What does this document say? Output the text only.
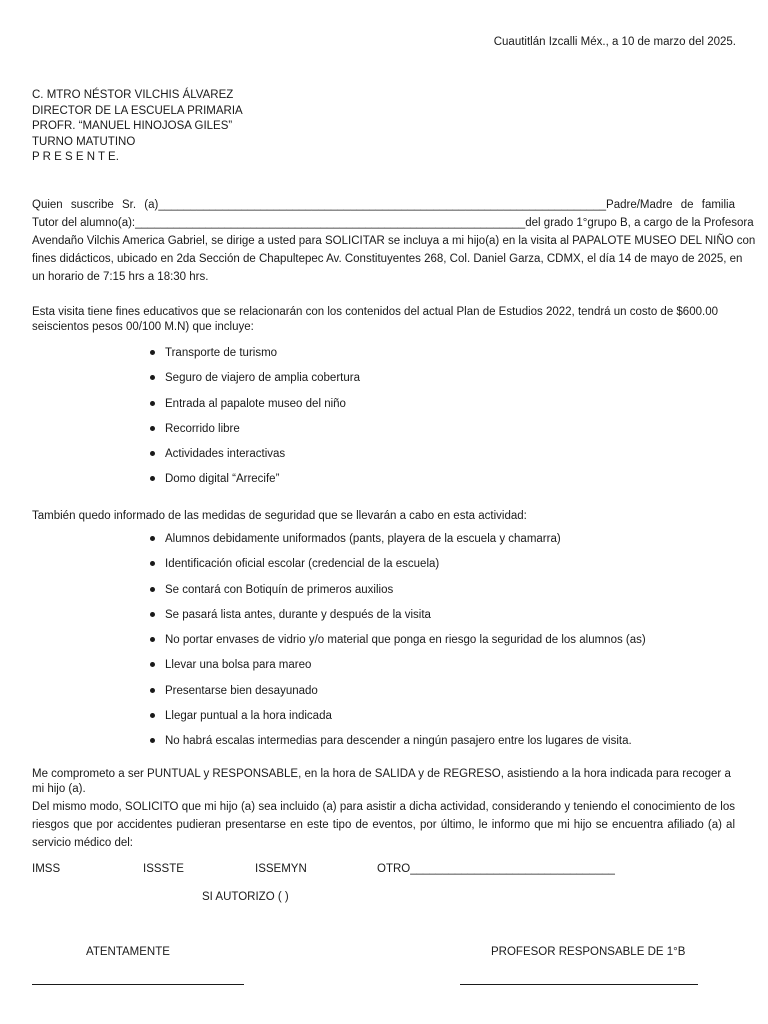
Cuautitlán Izcalli Méx., a 10 de marzo del 2025.
C. MTRO NÉSTOR VILCHIS ÁLVAREZ
DIRECTOR DE LA ESCUELA PRIMARIA
PROFR. “MANUEL HINOJOSA GILES”
TURNO MATUTINO
P R E S E N T E.
Quien suscribe Sr. (a)______________________________________________________________________Padre/Madre de familia
Tutor del alumno(a):_____________________________________________________________del grado 1°grupo B, a cargo de la Profesora
Avendaño Vilchis America Gabriel, se dirige a usted para SOLICITAR se incluya a mi hijo(a) en la visita al PAPALOTE MUSEO DEL NIÑO con
fines didácticos, ubicado en 2da Sección de Chapultepec Av. Constituyentes 268, Col. Daniel Garza, CDMX, el día 14 de mayo de 2025, en
un horario de 7:15 hrs a 18:30 hrs.
Esta visita tiene fines educativos que se relacionarán con los contenidos del actual Plan de Estudios 2022, tendrá un costo de $600.00 seiscientos pesos 00/100 M.N) que incluye:
Transporte de turismo
Seguro de viajero de amplia cobertura
Entrada al papalote museo del niño
Recorrido libre
Actividades interactivas
Domo digital “Arrecife”
También quedo informado de las medidas de seguridad que se llevarán a cabo en esta actividad:
Alumnos debidamente uniformados (pants, playera de la escuela y chamarra)
Identificación oficial escolar (credencial de la escuela)
Se contará con Botiquín de primeros auxilios
Se pasará lista antes, durante y después de la visita
No portar envases de vidrio y/o material que ponga en riesgo la seguridad de los alumnos (as)
Llevar una bolsa para mareo
Presentarse bien desayunado
Llegar puntual a la hora indicada
No habrá escalas intermedias para descender a ningún pasajero entre los lugares de visita.
Me comprometo a ser PUNTUAL y RESPONSABLE, en la hora de SALIDA y de REGRESO, asistiendo a la hora indicada para recoger a mi hijo (a).
Del mismo modo, SOLICITO que mi hijo (a) sea incluido (a) para asistir a dicha actividad, considerando y teniendo el conocimiento de los riesgos que por accidentes pudieran presentarse en este tipo de eventos, por último, le informo que mi hijo se encuentra afiliado (a) al servicio médico del:
IMSS	ISSSTE	ISSEMYN	OTRO________________________________
SI AUTORIZO ( )
ATENTAMENTE	PROFESOR RESPONSABLE DE 1°B
